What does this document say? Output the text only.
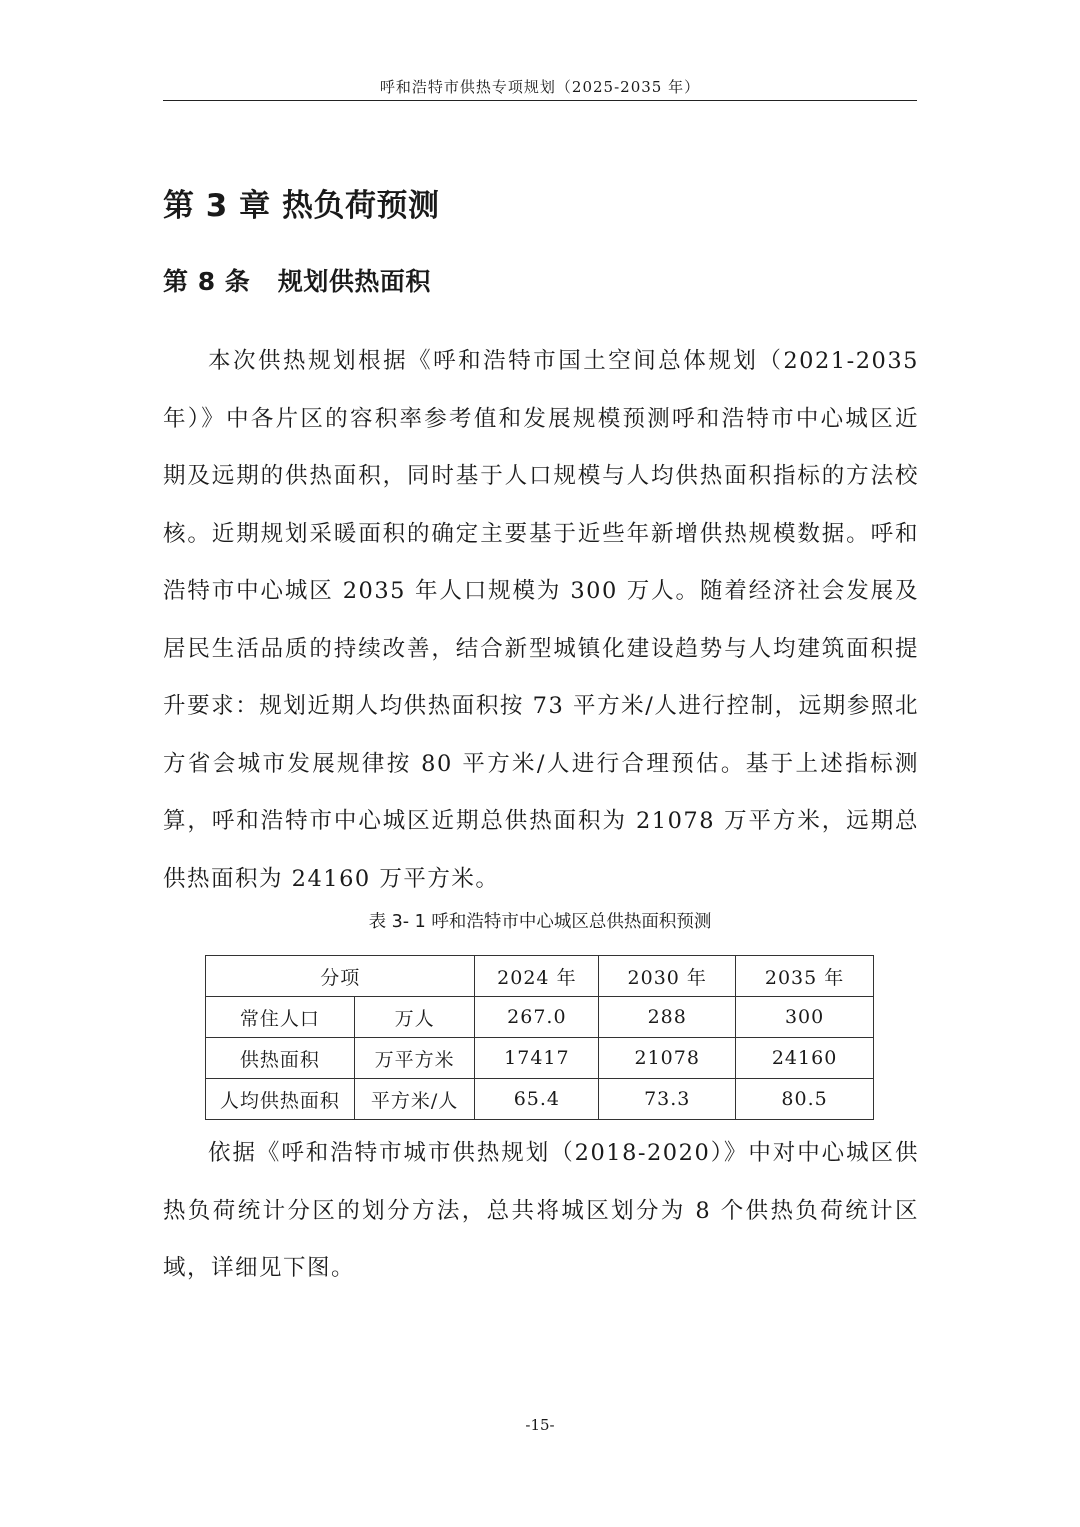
呼和浩特市供热专项规划（2025-2035 年）
第 3 章 热负荷预测
第 8 条   规划供热面积

本次供热规划根据《呼和浩特市国土空间总体规划（2021-2035 年）》中各片区的容积率参考值和发展规模预测呼和浩特市中心城区近期及远期的供热面积，同时基于人口规模与人均供热面积指标的方法校核。近期规划采暖面积的确定主要基于近些年新增供热规模数据。呼和浩特市中心城区 2035 年人口规模为 300 万人。随着经济社会发展及居民生活品质的持续改善，结合新型城镇化建设趋势与人均建筑面积提升要求：规划近期人均供热面积按 73 平方米/人进行控制，远期参照北方省会城市发展规律按 80 平方米/人进行合理预估。基于上述指标测算，呼和浩特市中心城区近期总供热面积为 21078 万平方米，远期总供热面积为 24160 万平方米。

表 3- 1 呼和浩特市中心城区总供热面积预测
分项		2024 年	2030 年	2035 年
常住人口	万人	267.0	288	300
供热面积	万平方米	17417	21078	24160
人均供热面积	平方米/人	65.4	73.3	80.5

依据《呼和浩特市城市供热规划（2018-2020）》中对中心城区供热负荷统计分区的划分方法，总共将城区划分为 8 个供热负荷统计区域，详细见下图。

-15-
